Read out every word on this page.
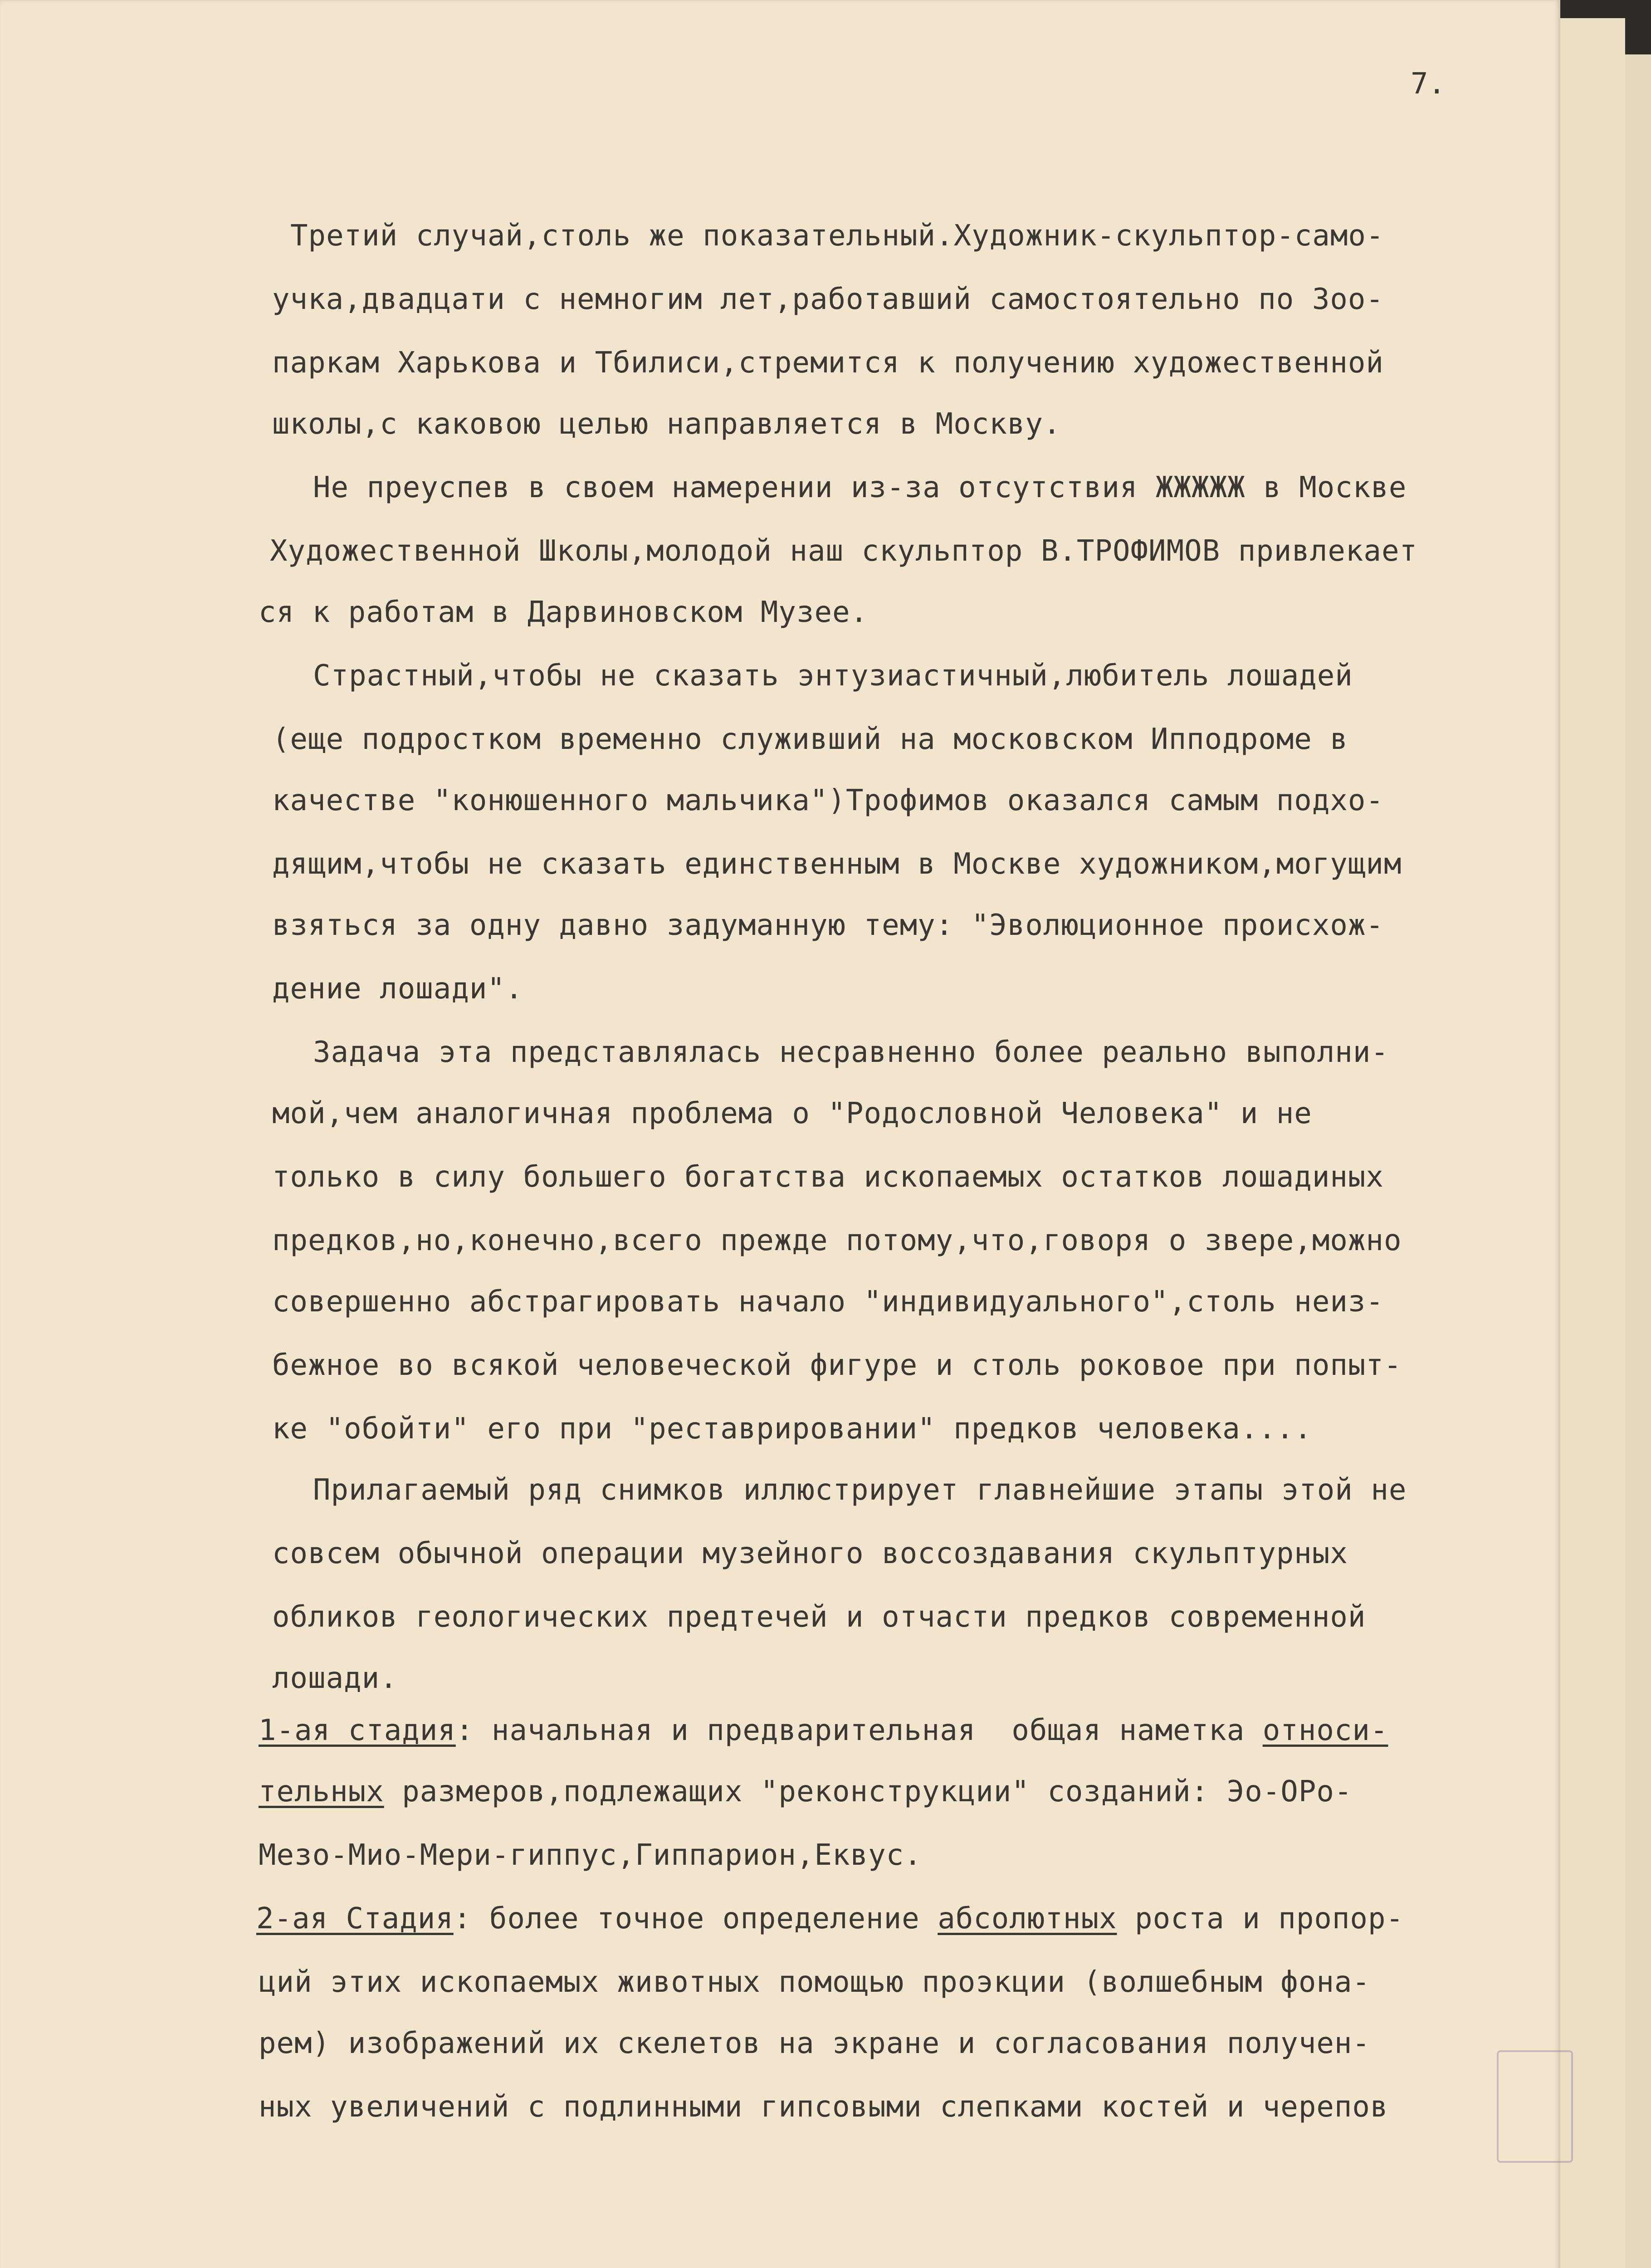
7.
Третий случай,столь же показательный.Художник-скульптор-само-
учка,двадцати с немногим лет,работавший самостоятельно по Зоо-
паркам Харькова и Тбилиси,стремится к получению художественной
школы,с каковою целью направляется в Москву.
Не преуспев в своем намерении из-за отсутствия ЖЖЖЖЖ в Москве
Художественной Школы,молодой наш скульптор В.ТРОФИМОВ привлекает
ся к работам в Дарвиновском Музее.
Страстный,чтобы не сказать энтузиастичный,любитель лошадей
(еще подростком временно служивший на московском Ипподроме в
качестве "конюшенного мальчика")Трофимов оказался самым подхо-
дящим,чтобы не сказать единственным в Москве художником,могущим
взяться за одну давно задуманную тему: "Эволюционное происхож-
дение лошади".
Задача эта представлялась несравненно более реально выполни-
мой,чем аналогичная проблема о "Родословной Человека" и не
только в силу большего богатства ископаемых остатков лошадиных
предков,но,конечно,всего прежде потому,что,говоря о звере,можно
совершенно абстрагировать начало "индивидуального",столь неиз-
бежное во всякой человеческой фигуре и столь роковое при попыт-
ке "обойти" его при "реставрировании" предков человека....
Прилагаемый ряд снимков иллюстрирует главнейшие этапы этой не
совсем обычной операции музейного воссоздавания скульптурных
обликов геологических предтечей и отчасти предков современной
лошади.
1-ая стадия: начальная и предварительная  общая наметка относи-
тельных размеров,подлежащих "реконструкции" созданий: Эо-ОРо-
Мезо-Мио-Мери-гиппус,Гиппарион,Еквус.
2-ая Стадия: более точное определение абсолютных роста и пропор-
ций этих ископаемых животных помощью проэкции (волшебным фона-
рем) изображений их скелетов на экране и согласования получен-
ных увеличений с подлинными гипсовыми слепками костей и черепов
